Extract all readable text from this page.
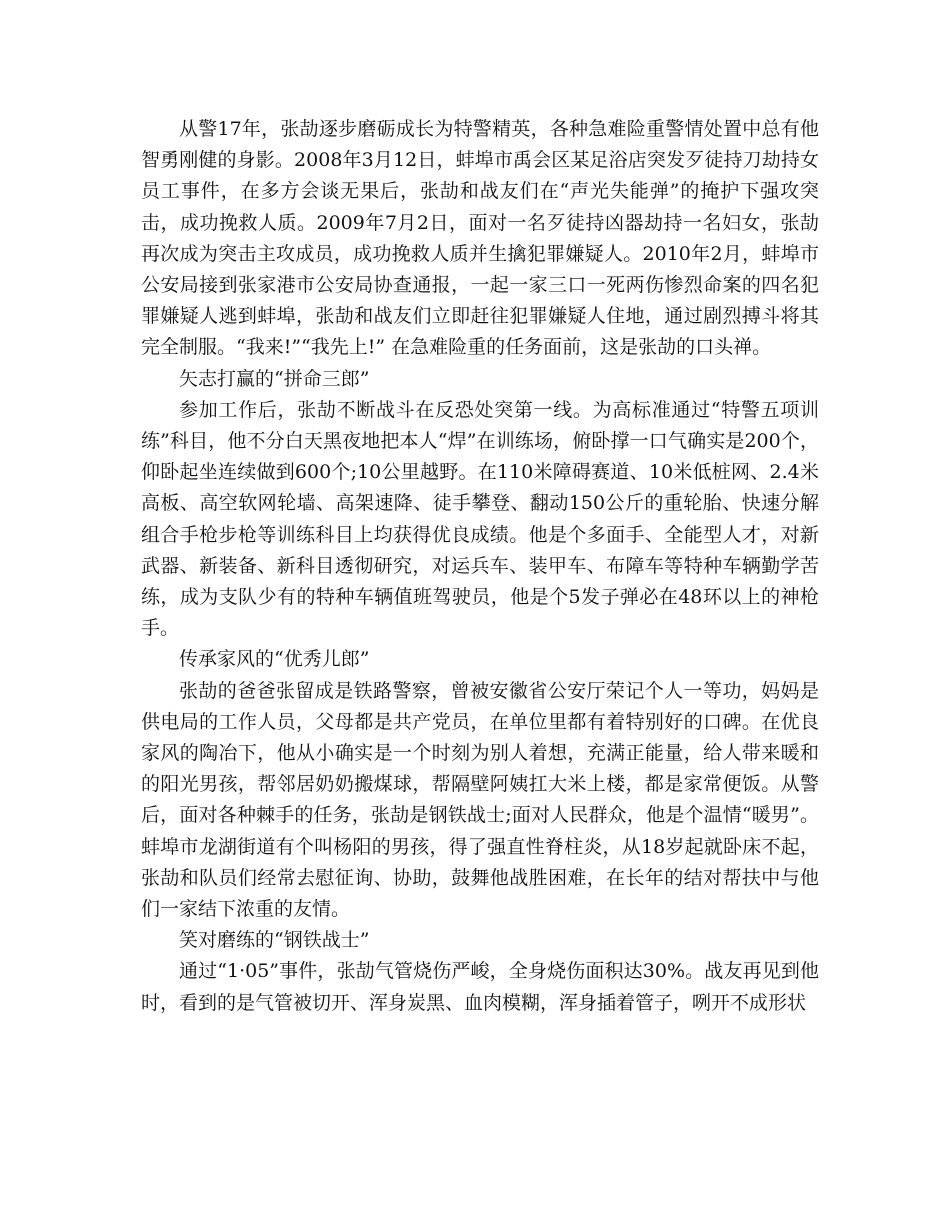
从警17年，张劼逐步磨砺成长为特警精英，各种急难险重警情处置中总有他智勇刚健的身影。2008年3月12日，蚌埠市禹会区某足浴店突发歹徒持刀劫持女员工事件，在多方会谈无果后，张劼和战友们在“声光失能弹”的掩护下强攻突击，成功挽救人质。2009年7月2日，面对一名歹徒持凶器劫持一名妇女，张劼再次成为突击主攻成员，成功挽救人质并生擒犯罪嫌疑人。2010年2月，蚌埠市公安局接到张家港市公安局协查通报，一起一家三口一死两伤惨烈命案的四名犯罪嫌疑人逃到蚌埠，张劼和战友们立即赶往犯罪嫌疑人住地，通过剧烈搏斗将其完全制服。“我来!”“我先上!” 在急难险重的任务面前，这是张劼的口头禅。

矢志打赢的“拼命三郎”

参加工作后，张劼不断战斗在反恐处突第一线。为高标准通过“特警五项训练”科目，他不分白天黑夜地把本人“焊”在训练场，俯卧撑一口气确实是200个，仰卧起坐连续做到600个;10公里越野。在110米障碍赛道、10米低桩网、2.4米高板、高空软网轮墙、高架速降、徒手攀登、翻动150公斤的重轮胎、快速分解组合手枪步枪等训练科目上均获得优良成绩。他是个多面手、全能型人才，对新武器、新装备、新科目透彻研究，对运兵车、装甲车、布障车等特种车辆勤学苦练，成为支队少有的特种车辆值班驾驶员，他是个5发子弹必在48环以上的神枪手。

传承家风的“优秀儿郎”

张劼的爸爸张留成是铁路警察，曾被安徽省公安厅荣记个人一等功，妈妈是供电局的工作人员，父母都是共产党员，在单位里都有着特别好的口碑。在优良家风的陶冶下，他从小确实是一个时刻为别人着想，充满正能量，给人带来暖和的阳光男孩，帮邻居奶奶搬煤球，帮隔壁阿姨扛大米上楼，都是家常便饭。从警后，面对各种棘手的任务，张劼是钢铁战士;面对人民群众，他是个温情“暖男”。蚌埠市龙湖街道有个叫杨阳的男孩，得了强直性脊柱炎，从18岁起就卧床不起，张劼和队员们经常去慰征询、协助，鼓舞他战胜困难，在长年的结对帮扶中与他们一家结下浓重的友情。

笑对磨练的“钢铁战士”

通过“1·05”事件，张劼气管烧伤严峻，全身烧伤面积达30%。战友再见到他时，看到的是气管被切开、浑身炭黑、血肉模糊，浑身插着管子，咧开不成形状
